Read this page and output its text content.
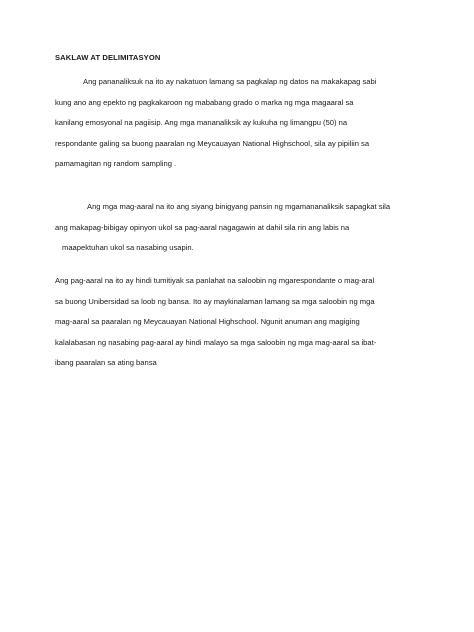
SAKLAW AT DELIMITASYON
Ang pananaliksuk na ito ay nakatuon lamang sa pagkalap ng datos na makakapag sabi
kung ano ang epekto ng pagkakaroon ng mababang grado o marka ng mga magaaral sa
kanilang emosyonal na pagiisip. Ang mga mananaliksik ay kukuha ng limangpu (50) na
respondante galing sa buong paaralan ng Meycauayan National Highschool, sila ay pipiliin sa
pamamagitan ng random sampling .
Ang mga mag-aaral na ito ang siyang binigyang pansin ng mgamananaliksik sapagkat sila
ang makapag-bibigay opinyon ukol sa pag-aaral nagagawin at dahil sila rin ang labis na
maapektuhan ukol sa nasabing usapin.
Ang pag-aaral na ito ay hindi tumitiyak sa panlahat na saloobin ng mgarespondante o mag-aral
sa buong Unibersidad sa loob ng bansa. Ito ay maykinalaman lamang sa mga saloobin ng mga
mag-aaral sa paaralan ng Meycauayan National Highschool. Ngunit anuman ang magiging
kalalabasan ng nasabing pag-aaral ay hindi malayo sa mga saloobin ng mga mag-aaral sa ibat-
ibang paaralan sa ating bansa
